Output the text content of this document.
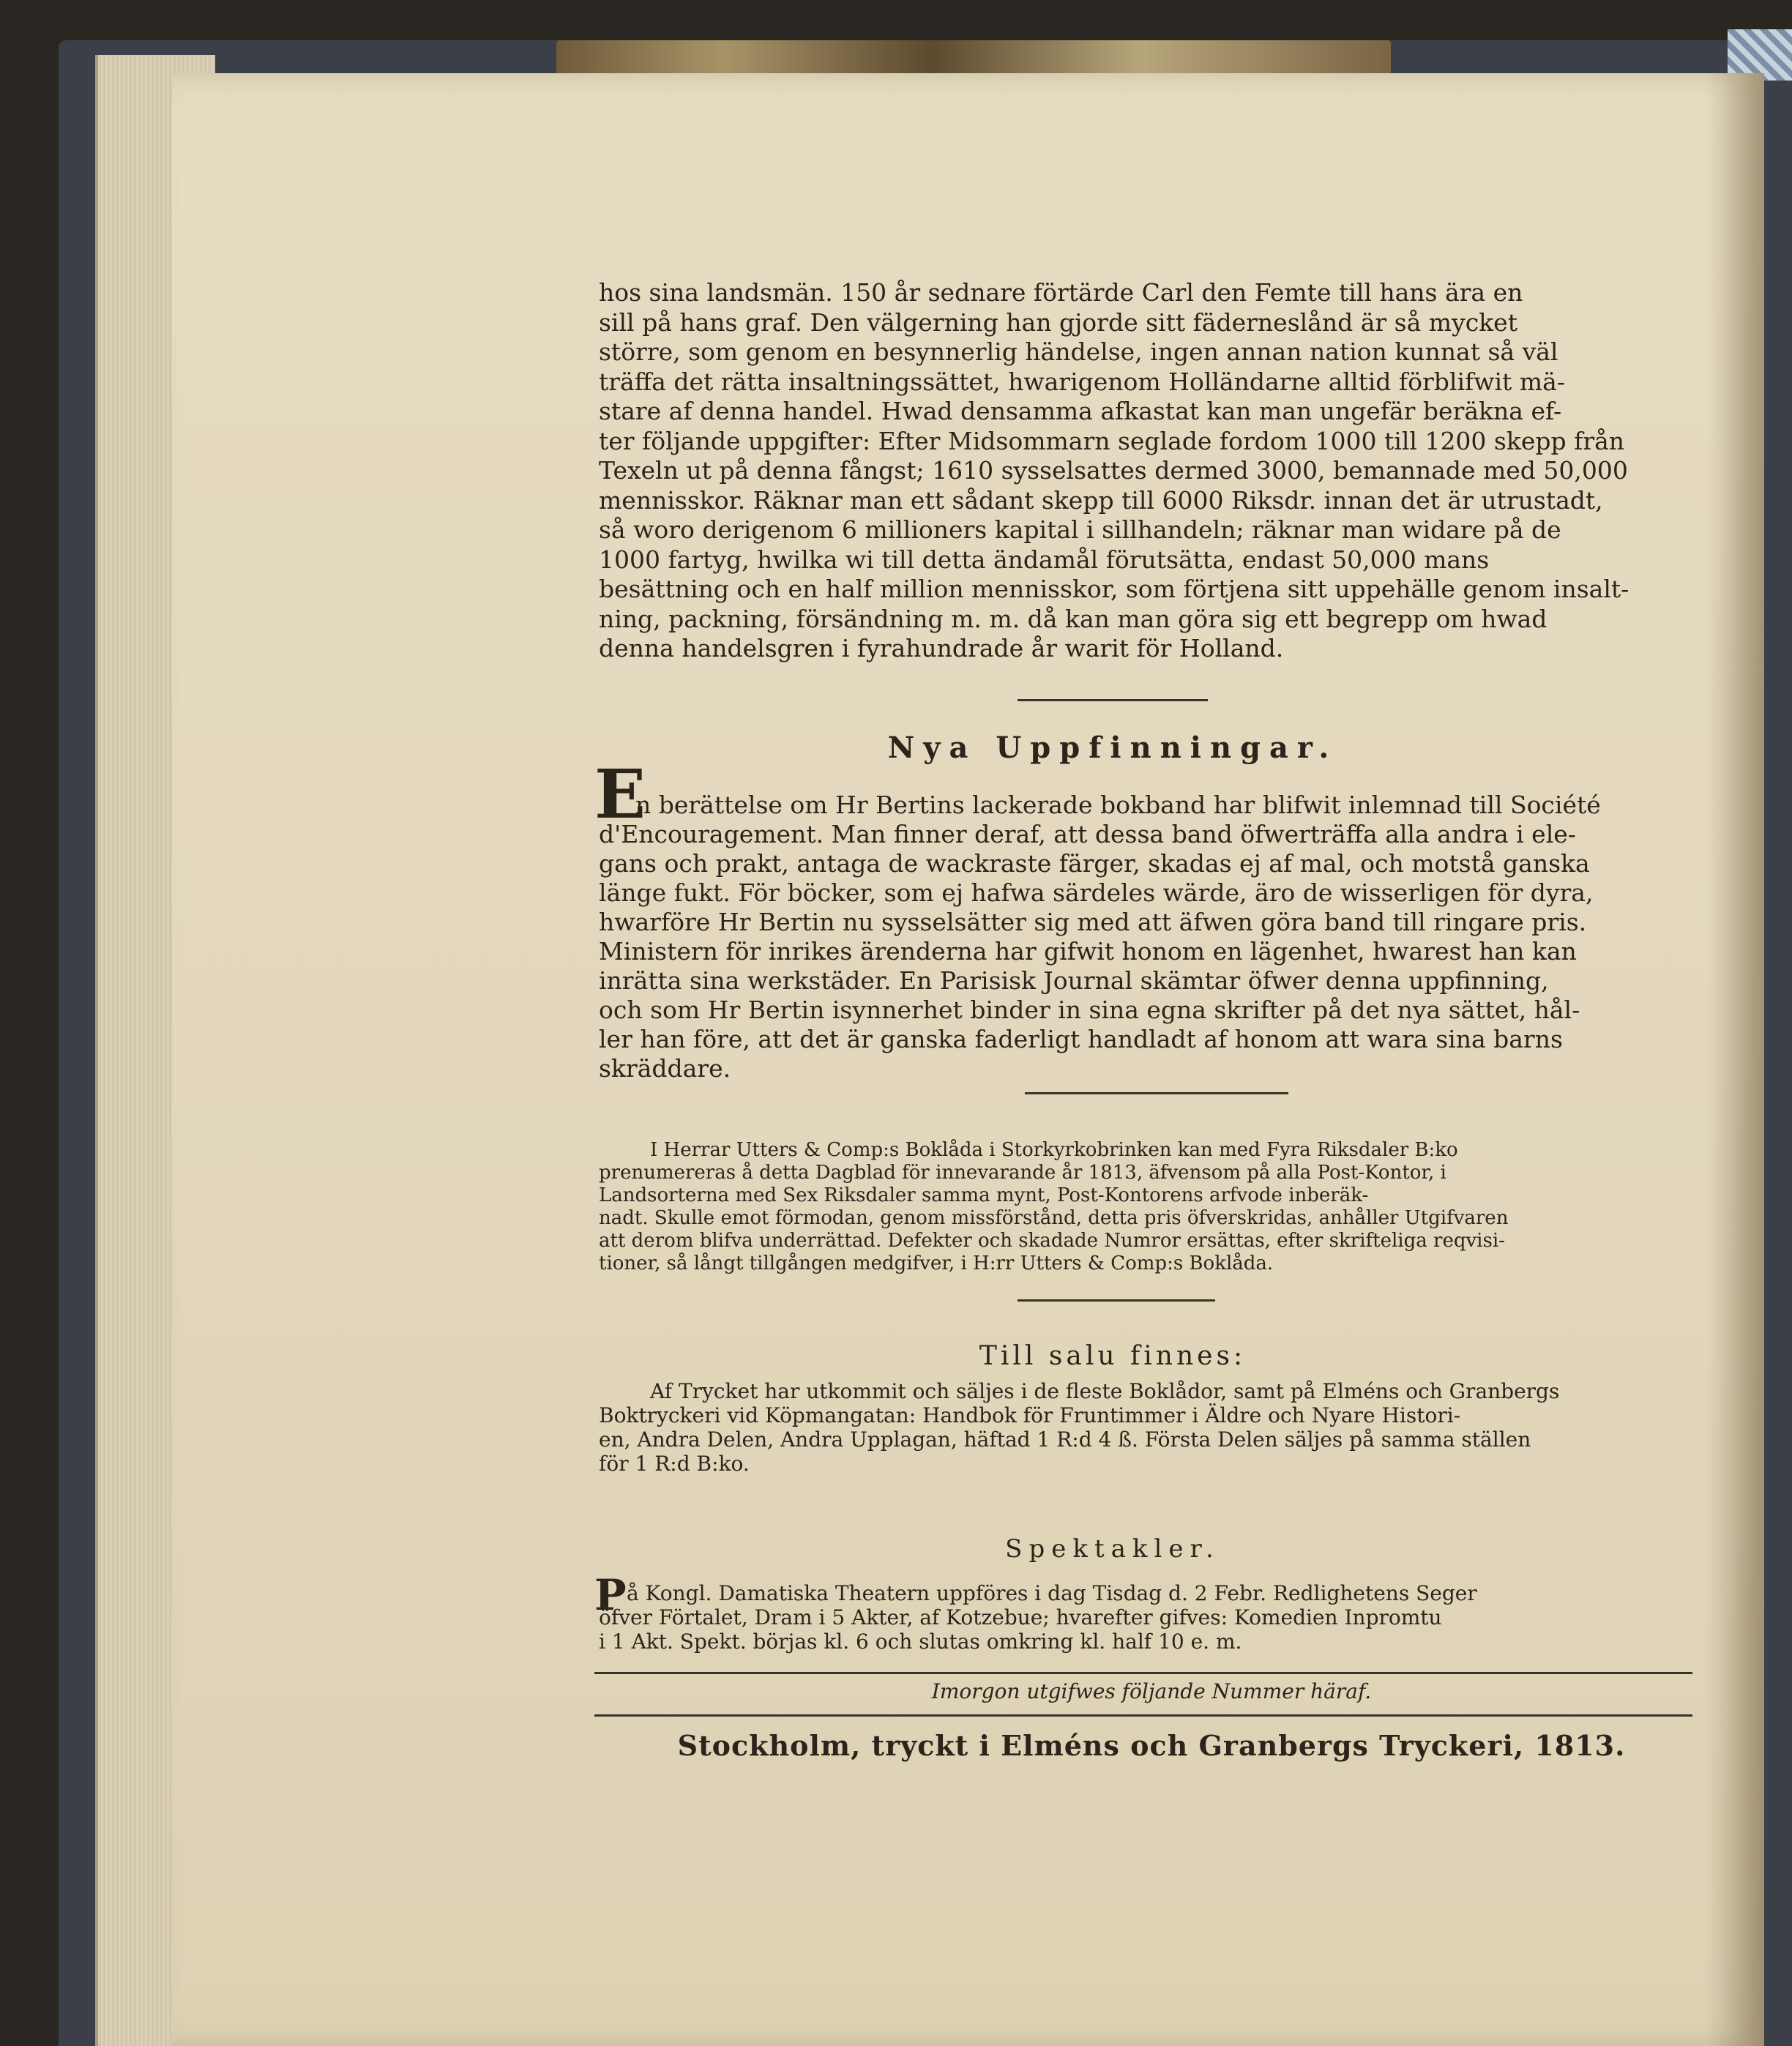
hos sina landsmän. 150 år sednare förtärde Carl den Femte till hans ära en
sill på hans graf. Den välgerning han gjorde sitt fäderneslånd är så mycket
större, som genom en besynnerlig händelse, ingen annan nation kunnat så väl
träffa det rätta insaltningssättet, hwarigenom Holländarne alltid förblifwit mä-
stare af denna handel. Hwad densamma afkastat kan man ungefär beräkna ef-
ter följande uppgifter: Efter Midsommarn seglade fordom 1000 till 1200 skepp från
Texeln ut på denna fångst; 1610 sysselsattes dermed 3000, bemannade med 50,000
mennisskor. Räknar man ett sådant skepp till 6000 Riksdr. innan det är utrustadt,
så woro derigenom 6 millioners kapital i sillhandeln; räknar man widare på de
1000 fartyg, hwilka wi till detta ändamål förutsätta, endast 50,000 mans
besättning och en half million mennisskor, som förtjena sitt uppehälle genom insalt-
ning, packning, försändning m. m. då kan man göra sig ett begrepp om hwad
denna handelsgren i fyrahundrade år warit för Holland.
Nya Uppfinningar.
E
n berättelse om Hr Bertins lackerade bokband har blifwit inlemnad till Société
d'Encouragement. Man finner deraf, att dessa band öfwerträffa alla andra i ele-
gans och prakt, antaga de wackraste färger, skadas ej af mal, och motstå ganska
länge fukt. För böcker, som ej hafwa särdeles wärde, äro de wisserligen för dyra,
hwarföre Hr Bertin nu sysselsätter sig med att äfwen göra band till ringare pris.
Ministern för inrikes ärenderna har gifwit honom en lägenhet, hwarest han kan
inrätta sina werkstäder. En Parisisk Journal skämtar öfwer denna uppfinning,
och som Hr Bertin isynnerhet binder in sina egna skrifter på det nya sättet, hål-
ler han före, att det är ganska faderligt handladt af honom att wara sina barns
skräddare.
I Herrar Utters & Comp:s Boklåda i Storkyrkobrinken kan med Fyra Riksdaler B:ko
prenumereras å detta Dagblad för innevarande år 1813, äfvensom på alla Post-Kontor, i
Landsorterna med Sex Riksdaler samma mynt, Post-Kontorens arfvode inberäk-
nadt. Skulle emot förmodan, genom missförstånd, detta pris öfverskridas, anhåller Utgifvaren
att derom blifva underrättad. Defekter och skadade Numror ersättas, efter skrifteliga reqvisi-
tioner, så långt tillgången medgifver, i H:rr Utters & Comp:s Boklåda.
Till salu finnes:
Af Trycket har utkommit och säljes i de fleste Boklådor, samt på Elméns och Granbergs
Boktryckeri vid Köpmangatan: Handbok för Fruntimmer i Äldre och Nyare Histori-
en, Andra Delen, Andra Upplagan, häftad 1 R:d 4 ß. Första Delen säljes på samma ställen
för 1 R:d B:ko.
Spektakler.
P å Kongl. Damatiska Theatern uppföres i dag Tisdag d. 2 Febr. Redlighetens Seger
öfver Förtalet, Dram i 5 Akter, af Kotzebue; hvarefter gifves: Komedien Inpromtu
i 1 Akt. Spekt. börjas kl. 6 och slutas omkring kl. half 10 e. m.
Imorgon utgifwes följande Nummer häraf.
Stockholm, tryckt i Elméns och Granbergs Tryckeri, 1813.
